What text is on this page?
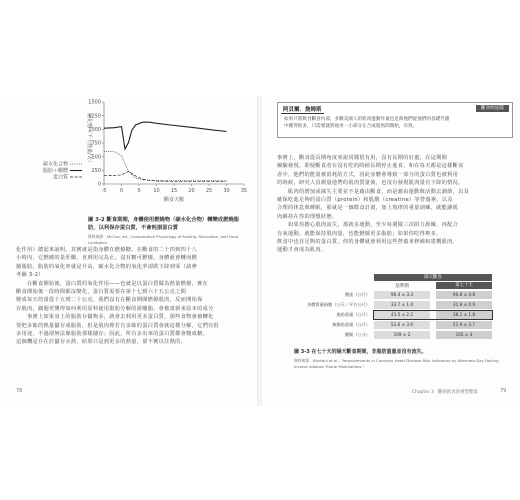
1500
1250
1000
750
500
250
0
-5	0	5	10 15 20 25 30 35
斷食天數
氨化物（千卡熱量/天）
碳水化合物
脂肪＋酮體
蛋白質
圖 3-2 斷食期間，身體使用燃燒物（碳水化合物）轉變成燃燒脂肪，以利保存蛋白質，不會耗損蛋白質
資料來源：McCue, ed., Comparative Physiology of Fasting, Starvation, and Food Limitation.
化作用）總起來說明，其實就是指身體在燃燒糖。在斷食的二十四到四十八
小時內，它燃燒的是肝醣，直到用完為止。沒有糖可燃燒，身體就會轉而燃
燒脂肪，脂肪的氧化率就是升高，碳水化合物的氧化率卻跌下降到零（請參
考圖 3-2）
　　在斷食開始後，蛋白質的氧化作用——也就是以蛋白質做為熱量燃燒，實在
斷食開始後一段時間都沒變化，蛋白質需要在第十七到六十五公克之間
變成每天的量從十五到二十公克，我們沒有在斷食期間燃燒肌肉，反而開始保
存肌肉，細胞更懂得如何利用原料使用脂肪分解的游離脂，會被當新來原本的成分
　　事實上如果身上的脂肪存儲夠多，就會去利用更多蛋白質，那些食物會被轉化
要把多餘的熱量儲存成脂肪，但是肌肉裡若有多餘的蛋白質會就這樣分解，它們有很
多用途，不過卻無法像脂肪那樣儲存；因此，所有多出來的蛋白質都會變成糖。
這個機是存在於儲存水熱，結果只是到更多的熱量，卻不實以往熱的。
78
阿貝爾．詹姆斯	斷食明星隊
如果只將飲食斷食內部，多數美國人的肌肉運動作量也足夠他們從他們的基礎代謝
中獲得很多，只需要就將他用一小部分在合成脂肪間開始，有效。
事實上，斷食從長期角度來說同樣很有用，沒有長期的好處，在這期間
檢驗發現，即使斷食者在沒有吃的時候長期停止進食，和在每天都是這樣斷食
者中，他們的能量被消耗的方式，因此身體會導致一部分的蛋白質也被利用
的時候，研究人員測量他們的肌肉質量後，也沒有發現肌肉量有下降的情況。
　　肌肉的增加或減失主要並不是藉由斷食，而是藉由運動與活動去調節，以及
確保吃進足夠的蛋白質（protein）和肌酸（creatine）等營養素，以及
合理的休息與睡眠，那就是一個飲食計畫，加上規律的重量訓練，就能讓肌
肉維持在你的理想狀態。
　　如果你擔心肌肉流失，那就多運動，至少每週做三次阻力訓練，再配合
有氧運動，就能保持肌肉量，也能燃燒更多脂肪；如果你吃得夠多，
飲食中也有足夠的蛋白質，你的身體就會利用這些營養來修補和建構肌肉，
運動才會成為肌肉。
隔天斷食
基準期	第七十天
體重（公斤）	96.4 ± 3.3	90.8 ± 4.8
身體質量指數（公斤／平方公尺）	33.7 ± 1.0	31.9 ± 0.9
脂肪重量（公斤）	43.5 ± 2.2	38.1 ± 1.8
無脂肪重量（公斤）	52.6 ± 3.6	51.9 ± 3.7
腰圍（公分）	109 ± 2	105 ± 3
圖 3-3 在七十天的隔天斷食期間，非脂肪重量並沒有流失。
資料來源：Bhutani et al., "Improvements in Coronary Heart Disease Risk Indicators by Alternate-Day Fasting Involve Adipose Tissue Modulations."
Chapter 3　斷絕飲食與重塑健康	79
